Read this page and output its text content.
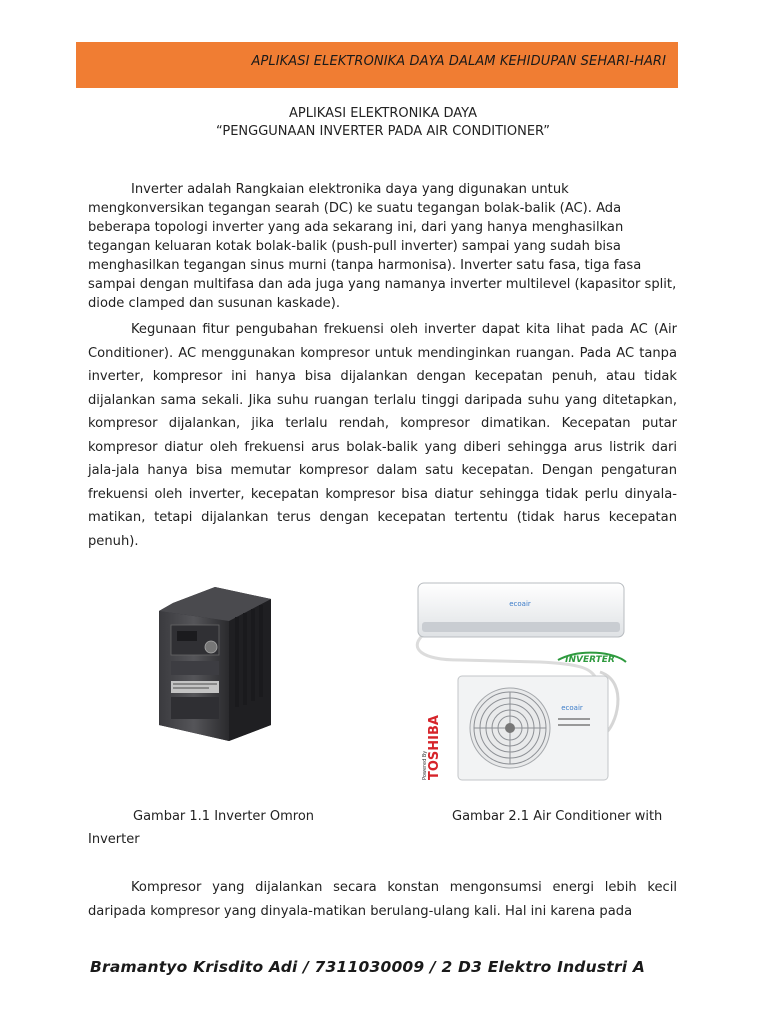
APLIKASI ELEKTRONIKA DAYA DALAM KEHIDUPAN SEHARI-HARI
APLIKASI ELEKTRONIKA DAYA
“PENGGUNAAN INVERTER PADA AIR CONDITIONER”
Inverter adalah Rangkaian elektronika daya yang digunakan untuk mengkonversikan tegangan searah (DC) ke suatu tegangan bolak-balik (AC). Ada beberapa topologi inverter yang ada sekarang ini, dari yang hanya menghasilkan tegangan keluaran kotak bolak-balik (push-pull inverter) sampai yang sudah bisa menghasilkan tegangan sinus murni (tanpa harmonisa). Inverter satu fasa, tiga fasa sampai dengan multifasa dan ada juga yang namanya inverter multilevel (kapasitor split, diode clamped dan susunan kaskade).
Kegunaan fitur pengubahan frekuensi oleh inverter dapat kita lihat pada AC (Air Conditioner). AC menggunakan kompresor untuk mendinginkan ruangan. Pada AC tanpa inverter, kompresor ini hanya bisa dijalankan dengan kecepatan penuh, atau tidak dijalankan sama sekali. Jika suhu ruangan terlalu tinggi daripada suhu yang ditetapkan, kompresor dijalankan, jika terlalu rendah, kompresor dimatikan. Kecepatan putar kompresor diatur oleh frekuensi arus bolak-balik yang diberi sehingga arus listrik dari jala-jala hanya bisa memutar kompresor dalam satu kecepatan. Dengan pengaturan frekuensi oleh inverter, kecepatan kompresor bisa diatur sehingga tidak perlu dinyala-matikan, tetapi dijalankan terus dengan kecepatan tertentu (tidak harus kecepatan penuh).
ecoair
INVERTER
ecoair
TOSHIBA
Powered By
Gambar 1.1 Inverter Omron	Gambar 2.1 Air Conditioner with
Inverter
Kompresor yang dijalankan secara konstan mengonsumsi energi lebih kecil daripada kompresor yang dinyala-matikan berulang-ulang kali. Hal ini karena pada
Bramantyo Krisdito Adi / 7311030009 / 2 D3 Elektro Industri A
